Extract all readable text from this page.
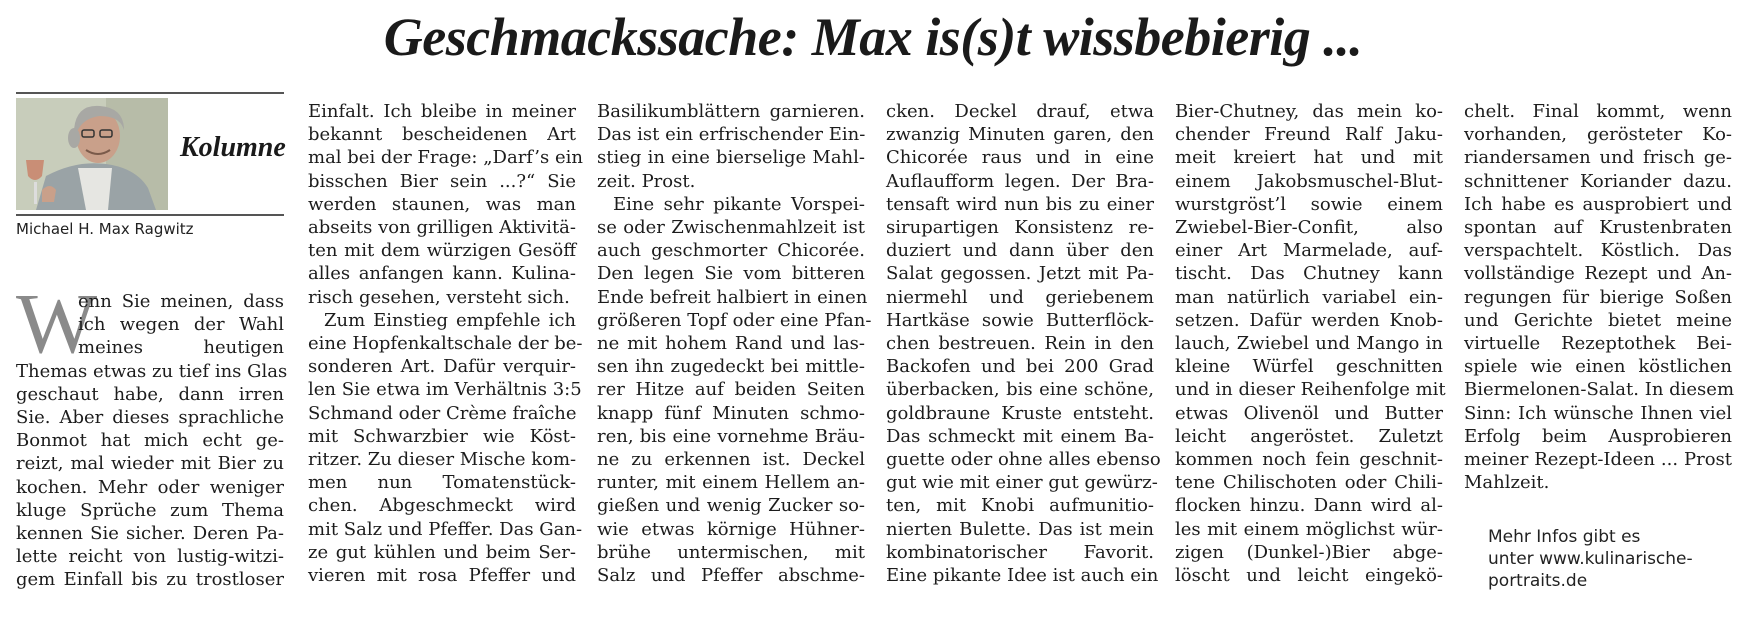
Geschmackssache: Max is(s)t wissbebierig ...
Kolumne
Michael H. Max Ragwitz
W
enn Sie meinen, dass
ich wegen der Wahl
meines heutigen
Themas etwas zu tief ins Glas
geschaut habe, dann irren
Sie. Aber dieses sprachliche
Bonmot hat mich echt ge-
reizt, mal wieder mit Bier zu
kochen. Mehr oder weniger
kluge Sprüche zum Thema
kennen Sie sicher. Deren Pa-
lette reicht von lustig-witzi-
gem Einfall bis zu trostloser
Einfalt. Ich bleibe in meiner
bekannt bescheidenen Art
mal bei der Frage: „Darf’s ein
bisschen Bier sein ...?“ Sie
werden staunen, was man
abseits von grilligen Aktivitä-
ten mit dem würzigen Gesöff
alles anfangen kann. Kulina-
risch gesehen, versteht sich.
Zum Einstieg empfehle ich
eine Hopfenkaltschale der be-
sonderen Art. Dafür verquir-
len Sie etwa im Verhältnis 3:5
Schmand oder Crème fraîche
mit Schwarzbier wie Köst-
ritzer. Zu dieser Mische kom-
men nun Tomatenstück-
chen. Abgeschmeckt wird
mit Salz und Pfeffer. Das Gan-
ze gut kühlen und beim Ser-
vieren mit rosa Pfeffer und
Basilikumblättern garnieren.
Das ist ein erfrischender Ein-
stieg in eine bierselige Mahl-
zeit. Prost.
Eine sehr pikante Vorspei-
se oder Zwischenmahlzeit ist
auch geschmorter Chicorée.
Den legen Sie vom bitteren
Ende befreit halbiert in einen
größeren Topf oder eine Pfan-
ne mit hohem Rand und las-
sen ihn zugedeckt bei mittle-
rer Hitze auf beiden Seiten
knapp fünf Minuten schmo-
ren, bis eine vornehme Bräu-
ne zu erkennen ist. Deckel
runter, mit einem Hellem an-
gießen und wenig Zucker so-
wie etwas körnige Hühner-
brühe untermischen, mit
Salz und Pfeffer abschme-
cken. Deckel drauf, etwa
zwanzig Minuten garen, den
Chicorée raus und in eine
Auflaufform legen. Der Bra-
tensaft wird nun bis zu einer
sirupartigen Konsistenz re-
duziert und dann über den
Salat gegossen. Jetzt mit Pa-
niermehl und geriebenem
Hartkäse sowie Butterflöck-
chen bestreuen. Rein in den
Backofen und bei 200 Grad
überbacken, bis eine schöne,
goldbraune Kruste entsteht.
Das schmeckt mit einem Ba-
guette oder ohne alles ebenso
gut wie mit einer gut gewürz-
ten, mit Knobi aufmunitio-
nierten Bulette. Das ist mein
kombinatorischer Favorit.
Eine pikante Idee ist auch ein
Bier-Chutney, das mein ko-
chender Freund Ralf Jaku-
meit kreiert hat und mit
einem Jakobsmuschel-Blut-
wurstgröst’l sowie einem
Zwiebel-Bier-Confit, also
einer Art Marmelade, auf-
tischt. Das Chutney kann
man natürlich variabel ein-
setzen. Dafür werden Knob-
lauch, Zwiebel und Mango in
kleine Würfel geschnitten
und in dieser Reihenfolge mit
etwas Olivenöl und Butter
leicht angeröstet. Zuletzt
kommen noch fein geschnit-
tene Chilischoten oder Chili-
flocken hinzu. Dann wird al-
les mit einem möglichst wür-
zigen (Dunkel-)Bier abge-
löscht und leicht eingekö-
chelt. Final kommt, wenn
vorhanden, gerösteter Ko-
riandersamen und frisch ge-
schnittener Koriander dazu.
Ich habe es ausprobiert und
spontan auf Krustenbraten
verspachtelt. Köstlich. Das
vollständige Rezept und An-
regungen für bierige Soßen
und Gerichte bietet meine
virtuelle Rezeptothek Bei-
spiele wie einen köstlichen
Biermelonen-Salat. In diesem
Sinn: Ich wünsche Ihnen viel
Erfolg beim Ausprobieren
meiner Rezept-Ideen ... Prost
Mahlzeit.
Mehr Infos gibt es
unter www.kulinarische-
portraits.de
